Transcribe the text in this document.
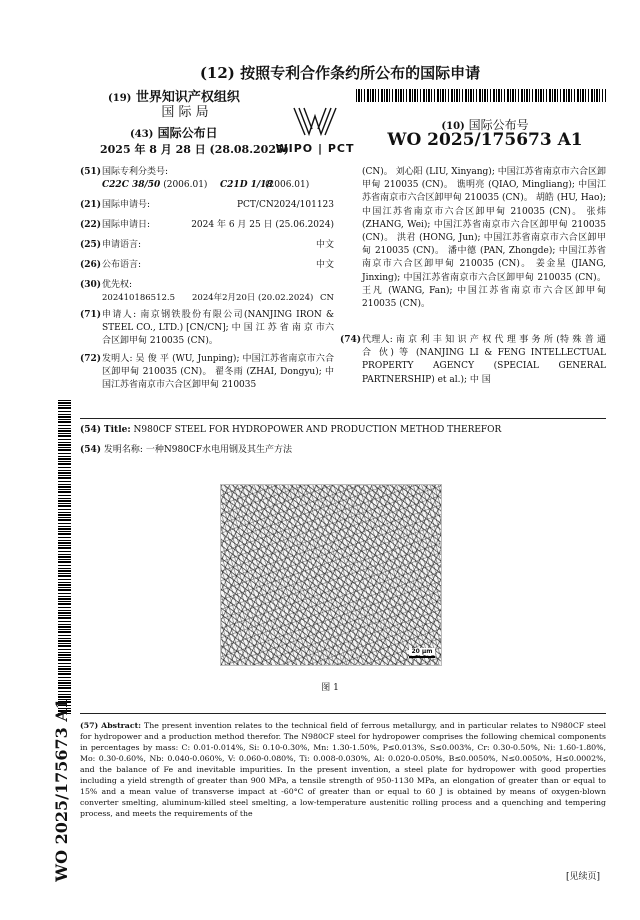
(12) 按照专利合作条约所公布的国际申请
(19) 世界知识产权组织
国 际 局
(43) 国际公布日
2025 年 8 月 28 日 (28.08.2025)
WIPO | PCT
(10) 国际公布号
WO 2025/175673 A1
(51) 国际专利分类号:
C22C 38/50 (2006.01) C21D 1/18
(2006.01)
(21) 国际申请号:	PCT/CN2024/101123
(22) 国际申请日:	2024 年 6 月 25 日 (25.06.2024)
(25) 申请语言:	中文
(26) 公布语言:	中文
(30) 优先权:
202410186512.5 2024年2月20日 (20.02.2024) CN
(71) 申请人: 南京钢铁股份有限公司(NANJING IRON & STEEL CO., LTD.) [CN/CN]; 中 国 江 苏 省 南 京 市六合区卸甲甸 210035 (CN)。
(72) 发明人: 吴 俊 平 (WU, Junping); 中国江苏省南京市六合区卸甲甸 210035 (CN)。 翟冬雨 (ZHAI, Dongyu); 中国江苏省南京市六合区卸甲甸 210035
(CN)。 刘心阳 (LIU, Xinyang); 中国江苏省南京市六合区卸甲甸 210035 (CN)。 谯明亮 (QIAO, Mingliang); 中国江苏省南京市六合区卸甲甸 210035 (CN)。 胡皓 (HU, Hao); 中国江苏省南京市六合区卸甲甸 210035 (CN)。 张炜 (ZHANG, Wei); 中国江苏省南京市六合区卸甲甸 210035 (CN)。 洪君 (HONG, Jun); 中国江苏省南京市六合区卸甲甸 210035 (CN)。 潘中德 (PAN, Zhongde); 中国江苏省南京市六合区卸甲甸 210035 (CN)。 姜金星 (JIANG, Jinxing); 中国江苏省南京市六合区卸甲甸 210035 (CN)。 王凡 (WANG, Fan); 中国江苏省南京市六合区卸甲甸 210035 (CN)。
(74) 代理人: 南 京 利 丰 知 识 产 权 代 理 事 务 所 (特 殊 普 通 合 伙) 等 (NANJING LI & FENG INTELLECTUAL PROPERTY AGENCY (SPECIAL GENERAL PARTNERSHIP) et al.); 中 国
(54) Title: N980CF STEEL FOR HYDROPOWER AND PRODUCTION METHOD THEREFOR
(54) 发明名称: 一种N980CF水电用钢及其生产方法
20 μm
图 1
(57) Abstract: The present invention relates to the technical field of ferrous metallurgy, and in particular relates to N980CF steel for hydropower and a production method therefor. The N980CF steel for hydropower comprises the following chemical components in percentages by mass: C: 0.01-0.014%, Si: 0.10-0.30%, Mn: 1.30-1.50%, P≤0.013%, S≤0.003%, Cr: 0.30-0.50%, Ni: 1.60-1.80%, Mo: 0.30-0.60%, Nb: 0.040-0.060%, V: 0.060-0.080%, Ti: 0.008-0.030%, Al: 0.020-0.050%, B≤0.0050%, N≤0.0050%, H≤0.0002%, and the balance of Fe and inevitable impurities. In the present invention, a steel plate for hydropower with good properties including a yield strength of greater than 900 MPa, a tensile strength of 950-1130 MPa, an elongation of greater than or equal to 15% and a mean value of transverse impact at -60°C of greater than or equal to 60 J is obtained by means of oxygen-blown converter smelting, aluminum-killed steel smelting, a low-temperature austenitic rolling process and a quenching and tempering process, and meets the requirements of the
WO 2025/175673 A1	[见续页]
